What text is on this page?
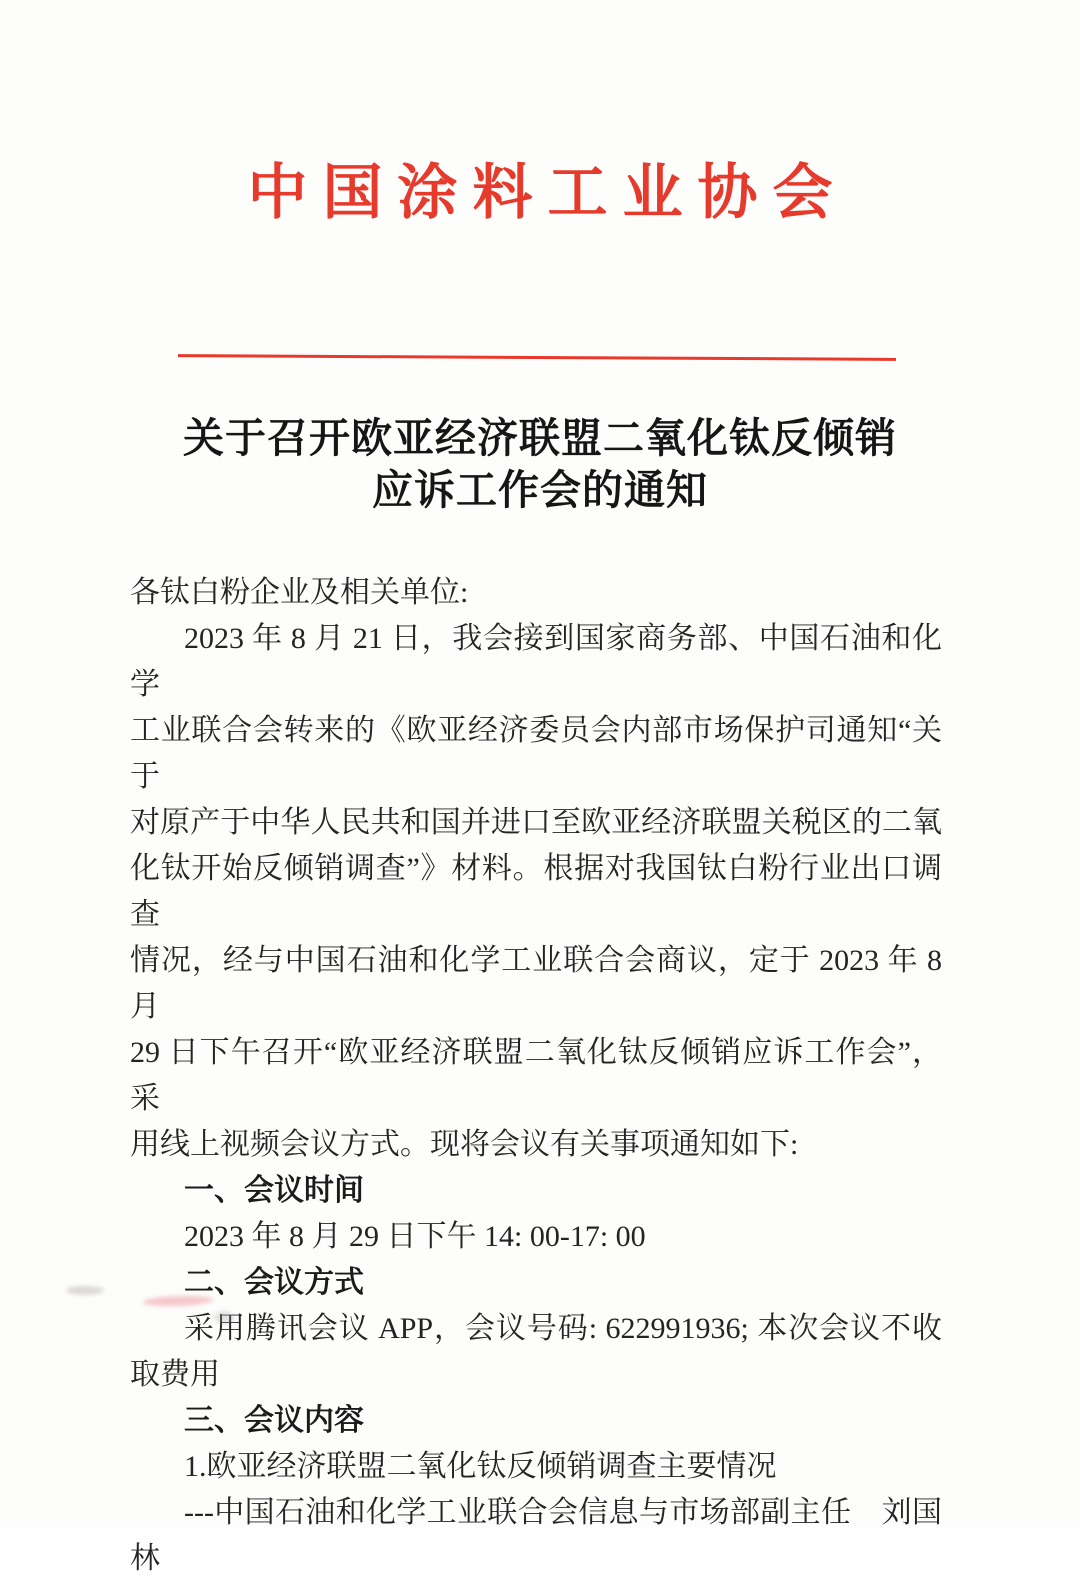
中国涂料工业协会
关于召开欧亚经济联盟二氧化钛反倾销
应诉工作会的通知
各钛白粉企业及相关单位:
2023 年 8 月 21 日，我会接到国家商务部、中国石油和化学
工业联合会转来的《欧亚经济委员会内部市场保护司通知“关于
对原产于中华人民共和国并进口至欧亚经济联盟关税区的二氧
化钛开始反倾销调查”》材料。根据对我国钛白粉行业出口调查
情况，经与中国石油和化学工业联合会商议，定于 2023 年 8 月
29 日下午召开“欧亚经济联盟二氧化钛反倾销应诉工作会”，采
用线上视频会议方式。现将会议有关事项通知如下:
一、会议时间
2023 年 8 月 29 日下午 14: 00-17: 00
二、会议方式
采用腾讯会议 APP，会议号码: 622991936; 本次会议不收
取费用
三、会议内容
1.欧亚经济联盟二氧化钛反倾销调查主要情况
---中国石油和化学工业联合会信息与市场部副主任　刘国
林
